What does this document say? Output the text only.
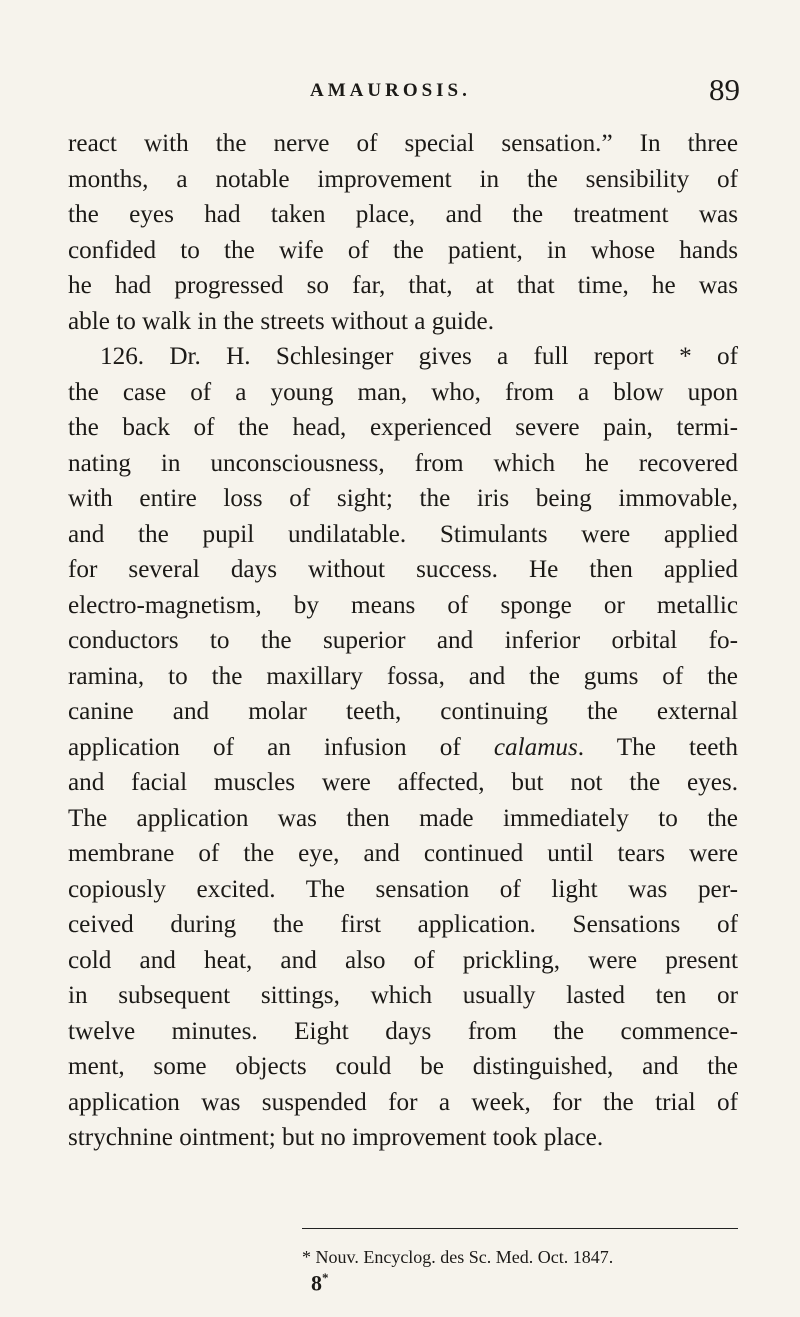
AMAUROSIS.	89
react with the nerve of special sensation.” In three
months, a notable improvement in the sensibility of
the eyes had taken place, and the treatment was
confided to the wife of the patient, in whose hands
he had progressed so far, that, at that time, he was
able to walk in the streets without a guide.
126. Dr. H. Schlesinger gives a full report * of
the case of a young man, who, from a blow upon
the back of the head, experienced severe pain, termi-
nating in unconsciousness, from which he recovered
with entire loss of sight; the iris being immovable,
and the pupil undilatable. Stimulants were applied
for several days without success. He then applied
electro-magnetism, by means of sponge or metallic
conductors to the superior and inferior orbital fo-
ramina, to the maxillary fossa, and the gums of the
canine and molar teeth, continuing the external
application of an infusion of calamus. The teeth
and facial muscles were affected, but not the eyes.
The application was then made immediately to the
membrane of the eye, and continued until tears were
copiously excited. The sensation of light was per-
ceived during the first application. Sensations of
cold and heat, and also of prickling, were present
in subsequent sittings, which usually lasted ten or
twelve minutes. Eight days from the commence-
ment, some objects could be distinguished, and the
application was suspended for a week, for the trial of
strychnine ointment; but no improvement took place.
* Nouv. Encyclog. des Sc. Med. Oct. 1847.
8*
